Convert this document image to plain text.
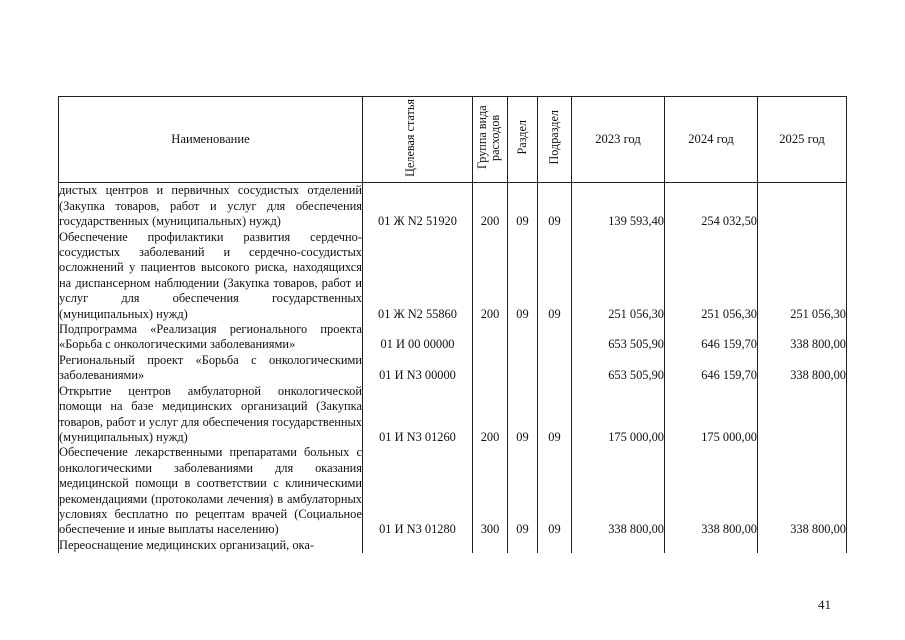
Наименование	Целевая статья	Группа вида расходов	Раздел	Подраздел	2023 год	2024 год	2025 год
дистых центров и первичных сосудистых отделений (Закупка товаров, работ и услуг для обеспечения государственных (муниципальных) нужд)	01 Ж N2 51920	200	09	09	139 593,40	254 032,50	
Обеспечение профилактики развития сердечно-сосудистых заболеваний и сердечно-сосудистых осложнений у пациентов высокого риска, находящихся на диспансерном наблюдении (Закупка товаров, работ и услуг для обеспечения государственных (муниципальных) нужд)	01 Ж N2 55860	200	09	09	251 056,30	251 056,30	251 056,30
Подпрограмма «Реализация регионального проекта «Борьба с онкологическими заболеваниями»	01 И 00 00000				653 505,90	646 159,70	338 800,00
Региональный проект «Борьба с онкологическими заболеваниями»	01 И N3 00000				653 505,90	646 159,70	338 800,00
Открытие центров амбулаторной онкологической помощи на базе медицинских организаций (Закупка товаров, работ и услуг для обеспечения государственных (муниципальных) нужд)	01 И N3 01260	200	09	09	175 000,00	175 000,00	
Обеспечение лекарственными препаратами больных с онкологическими заболеваниями для оказания медицинской помощи в соответствии с клиническими рекомендациями (протоколами лечения) в амбулаторных условиях бесплатно по рецептам врачей (Социальное обеспечение и иные выплаты населению)	01 И N3 01280	300	09	09	338 800,00	338 800,00	338 800,00
Переоснащение медицинских организаций, ока-							
41
